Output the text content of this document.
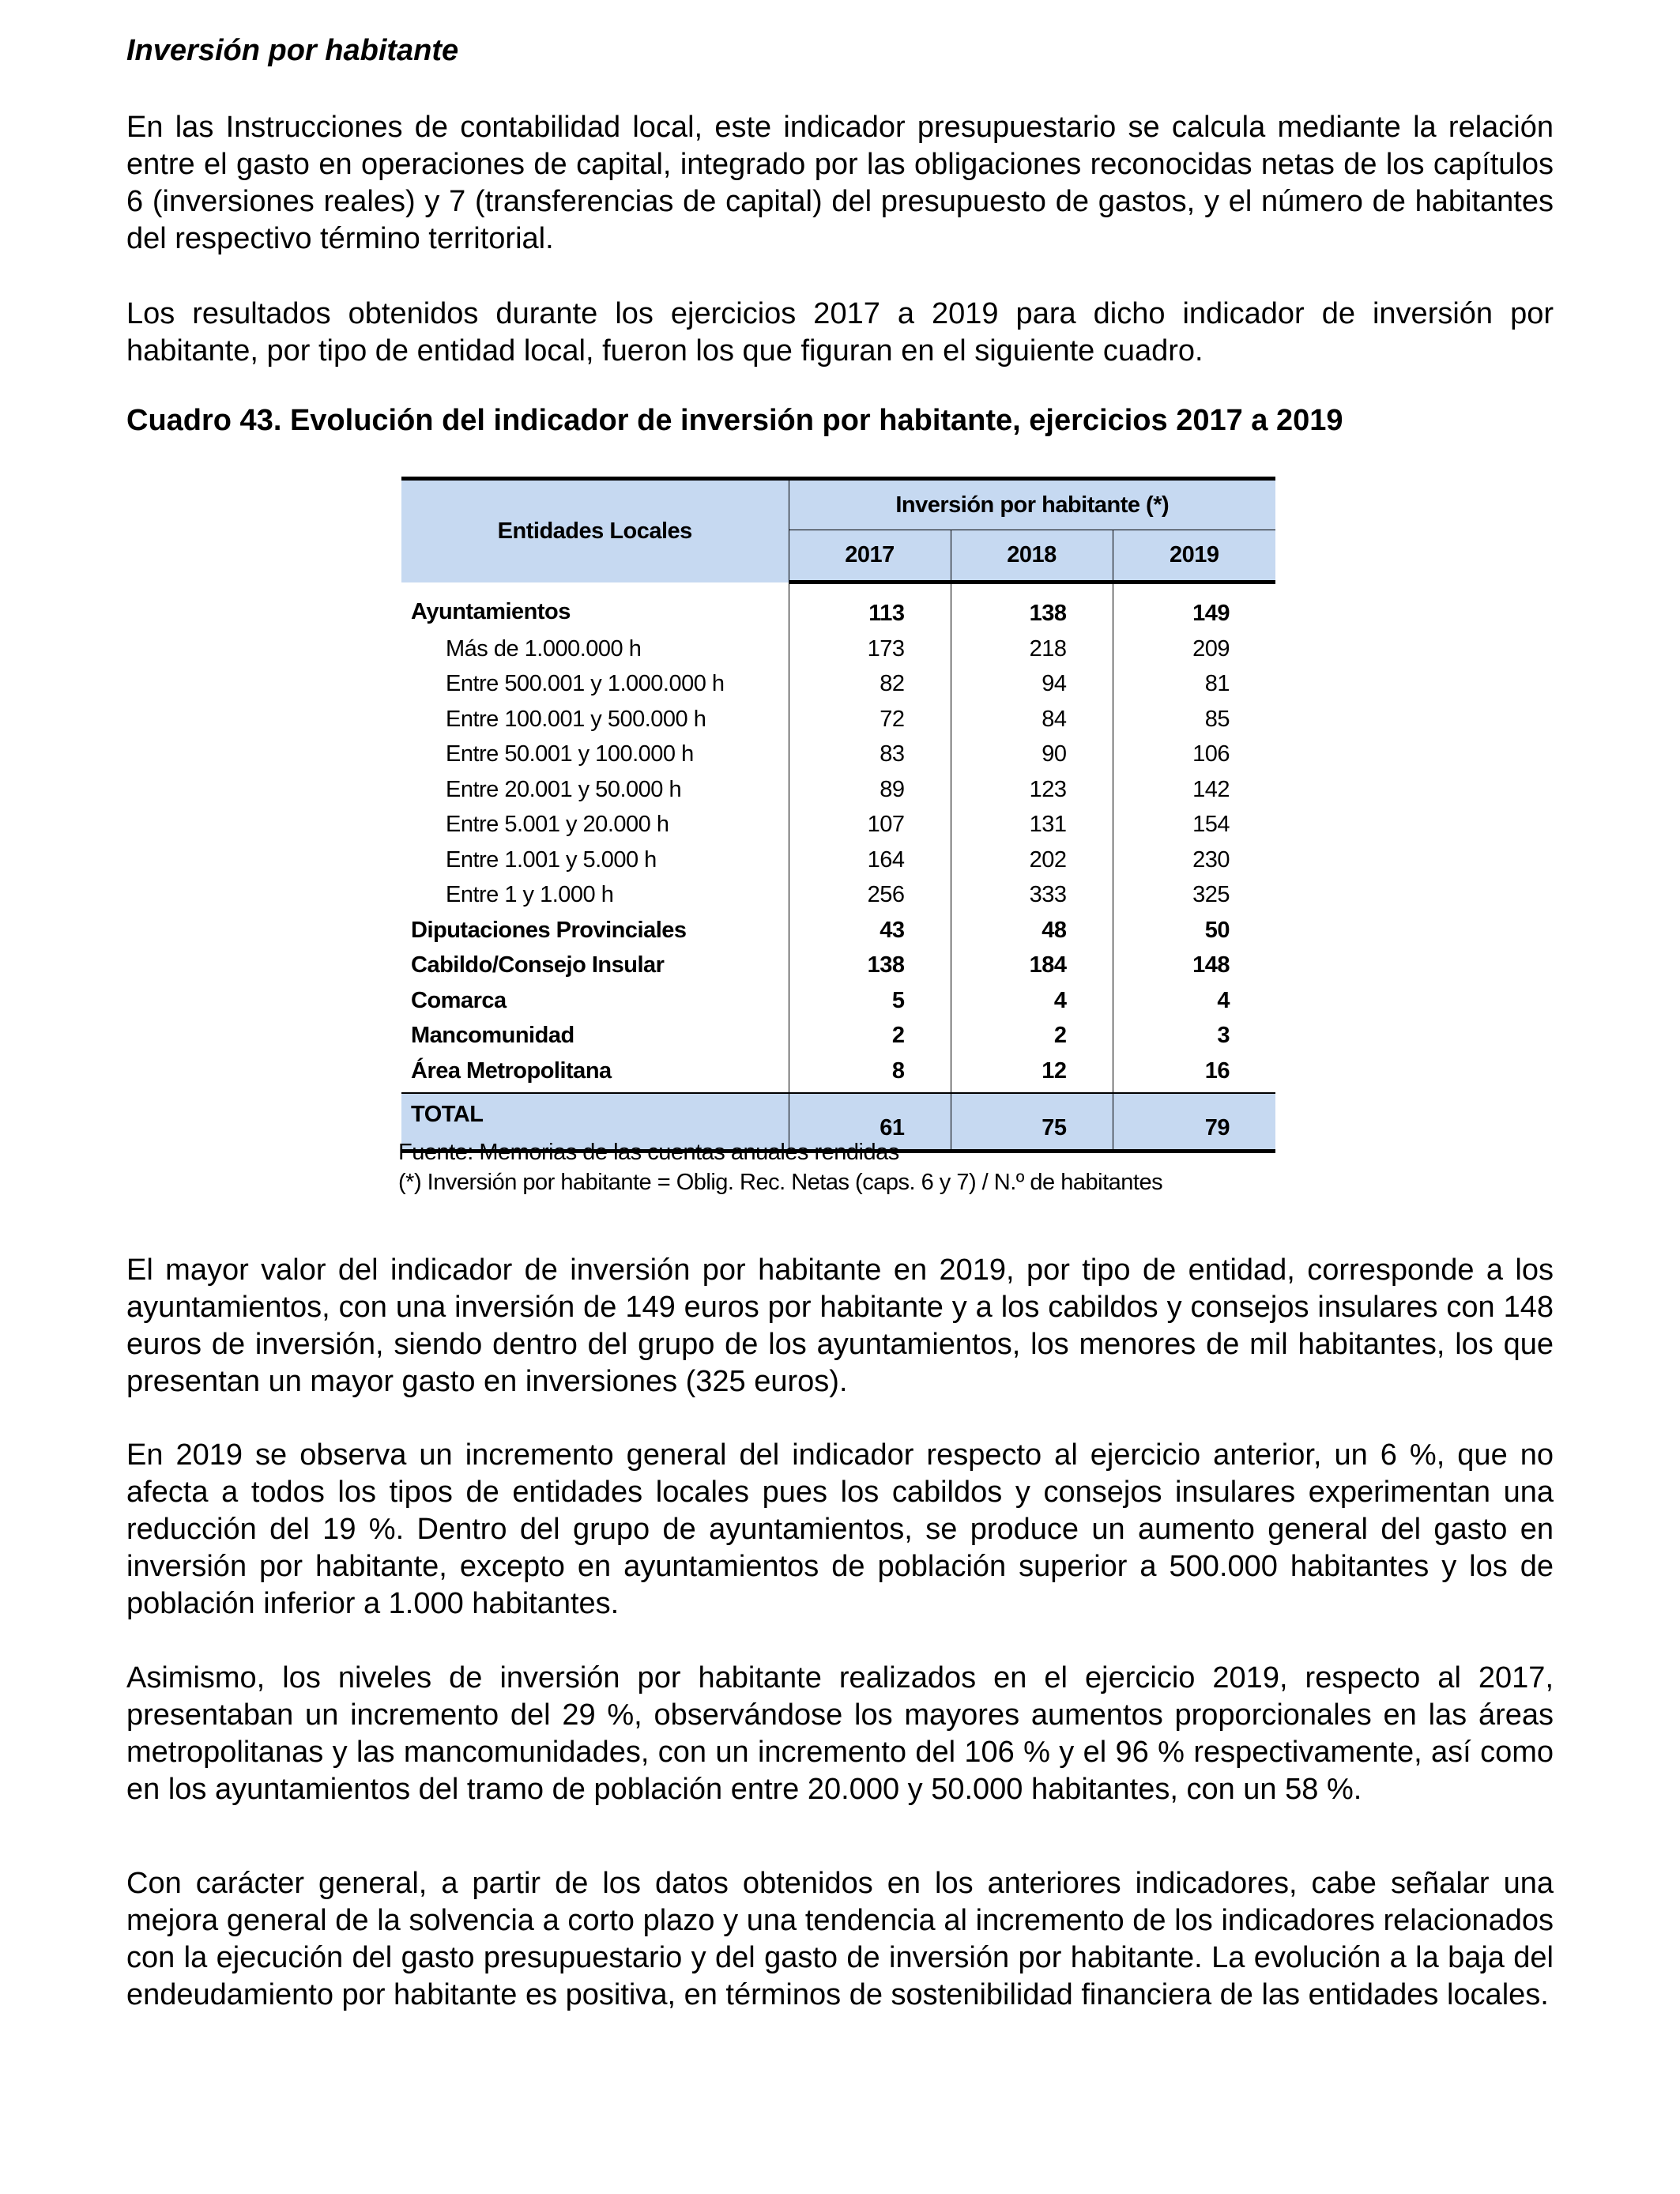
Inversión por habitante

En las Instrucciones de contabilidad local, este indicador presupuestario se calcula mediante la relación entre el gasto en operaciones de capital, integrado por las obligaciones reconocidas netas de los capítulos 6 (inversiones reales) y 7 (transferencias de capital) del presupuesto de gastos, y el número de habitantes del respectivo término territorial.

Los resultados obtenidos durante los ejercicios 2017 a 2019 para dicho indicador de inversión por habitante, por tipo de entidad local, fueron los que figuran en el siguiente cuadro.

Cuadro 43. Evolución del indicador de inversión por habitante, ejercicios 2017 a 2019
Entidades Locales	Inversión por habitante (*)		
	2017	2018	2019
Ayuntamientos	113	138	149
Más de 1.000.000 h	173	218	209
Entre 500.001 y 1.000.000 h	82	94	81
Entre 100.001 y 500.000 h	72	84	85
Entre 50.001 y 100.000 h	83	90	106
Entre 20.001 y 50.000 h	89	123	142
Entre 5.001 y 20.000 h	107	131	154
Entre 1.001 y 5.000 h	164	202	230
Entre 1 y 1.000 h	256	333	325
Diputaciones Provinciales	43	48	50
Cabildo/Consejo Insular	138	184	148
Comarca	5	4	4
Mancomunidad	2	2	3
Área Metropolitana	8	12	16
TOTAL	61	75	79
Fuente: Memorias de las cuentas anuales rendidas
(*) Inversión por habitante = Oblig. Rec. Netas (caps. 6 y 7) / N.º de habitantes

El mayor valor del indicador de inversión por habitante en 2019, por tipo de entidad, corresponde a los ayuntamientos, con una inversión de 149 euros por habitante y a los cabildos y consejos insulares con 148 euros de inversión, siendo dentro del grupo de los ayuntamientos, los menores de mil habitantes, los que presentan un mayor gasto en inversiones (325 euros).

En 2019 se observa un incremento general del indicador respecto al ejercicio anterior, un 6 %, que no afecta a todos los tipos de entidades locales pues los cabildos y consejos insulares experimentan una reducción del 19 %. Dentro del grupo de ayuntamientos, se produce un aumento general del gasto en inversión por habitante, excepto en ayuntamientos de población superior a 500.000 habitantes y los de población inferior a 1.000 habitantes.

Asimismo, los niveles de inversión por habitante realizados en el ejercicio 2019, respecto al 2017, presentaban un incremento del 29 %, observándose los mayores aumentos proporcionales en las áreas metropolitanas y las mancomunidades, con un incremento del 106 % y el 96 % respectivamente, así como en los ayuntamientos del tramo de población entre 20.000 y 50.000 habitantes, con un 58 %.

Con carácter general, a partir de los datos obtenidos en los anteriores indicadores, cabe señalar una mejora general de la solvencia a corto plazo y una tendencia al incremento de los indicadores relacionados con la ejecución del gasto presupuestario y del gasto de inversión por habitante. La evolución a la baja del endeudamiento por habitante es positiva, en términos de sostenibilidad financiera de las entidades locales.
